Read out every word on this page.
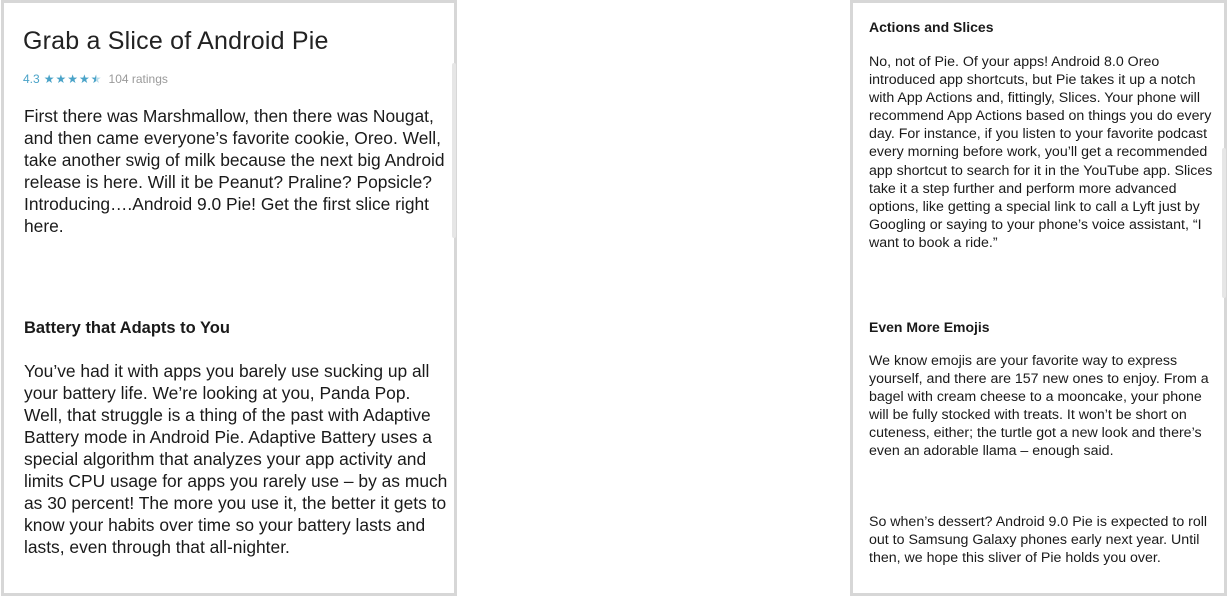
Grab a Slice of Android Pie
4.3 ★ ★ ★ ★
★ ★ 104 ratings

First there was Marshmallow, then there was Nougat, and then came everyone’s favorite cookie, Oreo. Well, take another swig of milk because the next big Android release is here. Will it be Peanut? Praline? Popsicle? Introducing….Android 9.0 Pie! Get the first slice right here.

Battery that Adapts to You

You’ve had it with apps you barely use sucking up all your battery life. We’re looking at you, Panda Pop. Well, that struggle is a thing of the past with Adaptive Battery mode in Android Pie. Adaptive Battery uses a special algorithm that analyzes your app activity and limits CPU usage for apps you rarely use – by as much as 30 percent! The more you use it, the better it gets to know your habits over time so your battery lasts and lasts, even through that all-nighter.

Actions and Slices

No, not of Pie. Of your apps! Android 8.0 Oreo introduced app shortcuts, but Pie takes it up a notch with App Actions and, fittingly, Slices. Your phone will recommend App Actions based on things you do every day. For instance, if you listen to your favorite podcast every morning before work, you’ll get a recommended app shortcut to search for it in the YouTube app. Slices take it a step further and perform more advanced options, like getting a special link to call a Lyft just by Googling or saying to your phone’s voice assistant, “I want to book a ride.”

Even More Emojis

We know emojis are your favorite way to express yourself, and there are 157 new ones to enjoy. From a bagel with cream cheese to a mooncake, your phone will be fully stocked with treats. It won’t be short on cuteness, either; the turtle got a new look and there’s even an adorable llama – enough said.

So when’s dessert? Android 9.0 Pie is expected to roll out to Samsung Galaxy phones early next year. Until then, we hope this sliver of Pie holds you over.
